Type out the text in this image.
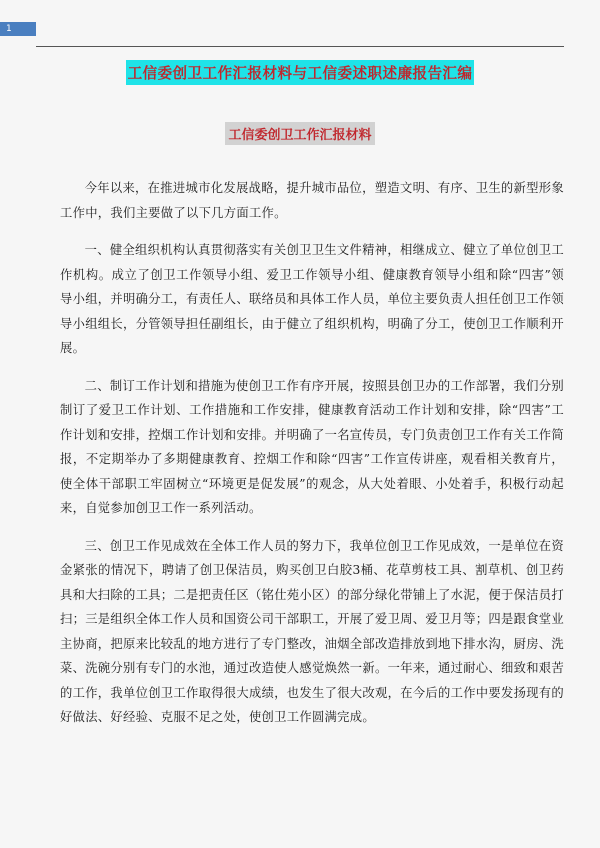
1
工信委创卫工作汇报材料与工信委述职述廉报告汇编
工信委创卫工作汇报材料

今年以来，在推进城市化发展战略，提升城市品位，塑造文明、有序、卫生的新型形象工作中，我们主要做了以下几方面工作。

一、健全组织机构认真贯彻落实有关创卫卫生文件精神，相继成立、健立了单位创卫工作机构。成立了创卫工作领导小组、爱卫工作领导小组、健康教育领导小组和除“四害”领导小组，并明确分工，有责任人、联络员和具体工作人员，单位主要负责人担任创卫工作领导小组组长，分管领导担任副组长，由于健立了组织机构，明确了分工，使创卫工作顺利开展。

二、制订工作计划和措施为使创卫工作有序开展，按照县创卫办的工作部署，我们分别制订了爱卫工作计划、工作措施和工作安排，健康教育活动工作计划和安排，除“四害”工作计划和安排，控烟工作计划和安排。并明确了一名宣传员，专门负责创卫工作有关工作简报，不定期举办了多期健康教育、控烟工作和除“四害”工作宣传讲座，观看相关教育片，使全体干部职工牢固树立“环境更是促发展”的观念，从大处着眼、小处着手，积极行动起来，自觉参加创卫工作一系列活动。

三、创卫工作见成效在全体工作人员的努力下，我单位创卫工作见成效，一是单位在资金紧张的情况下，聘请了创卫保洁员，购买创卫白胶3桶、花草剪枝工具、割草机、创卫药具和大扫除的工具；二是把责任区（铭仕苑小区）的部分绿化带铺上了水泥，便于保洁员打扫；三是组织全体工作人员和国资公司干部职工，开展了爱卫周、爱卫月等；四是跟食堂业主协商，把原来比较乱的地方进行了专门整改，油烟全部改造排放到地下排水沟，厨房、洗菜、洗碗分别有专门的水池，通过改造使人感觉焕然一新。一年来，通过耐心、细致和艰苦的工作，我单位创卫工作取得很大成绩，也发生了很大改观，在今后的工作中要发扬现有的好做法、好经验、克服不足之处，使创卫工作圆满完成。
